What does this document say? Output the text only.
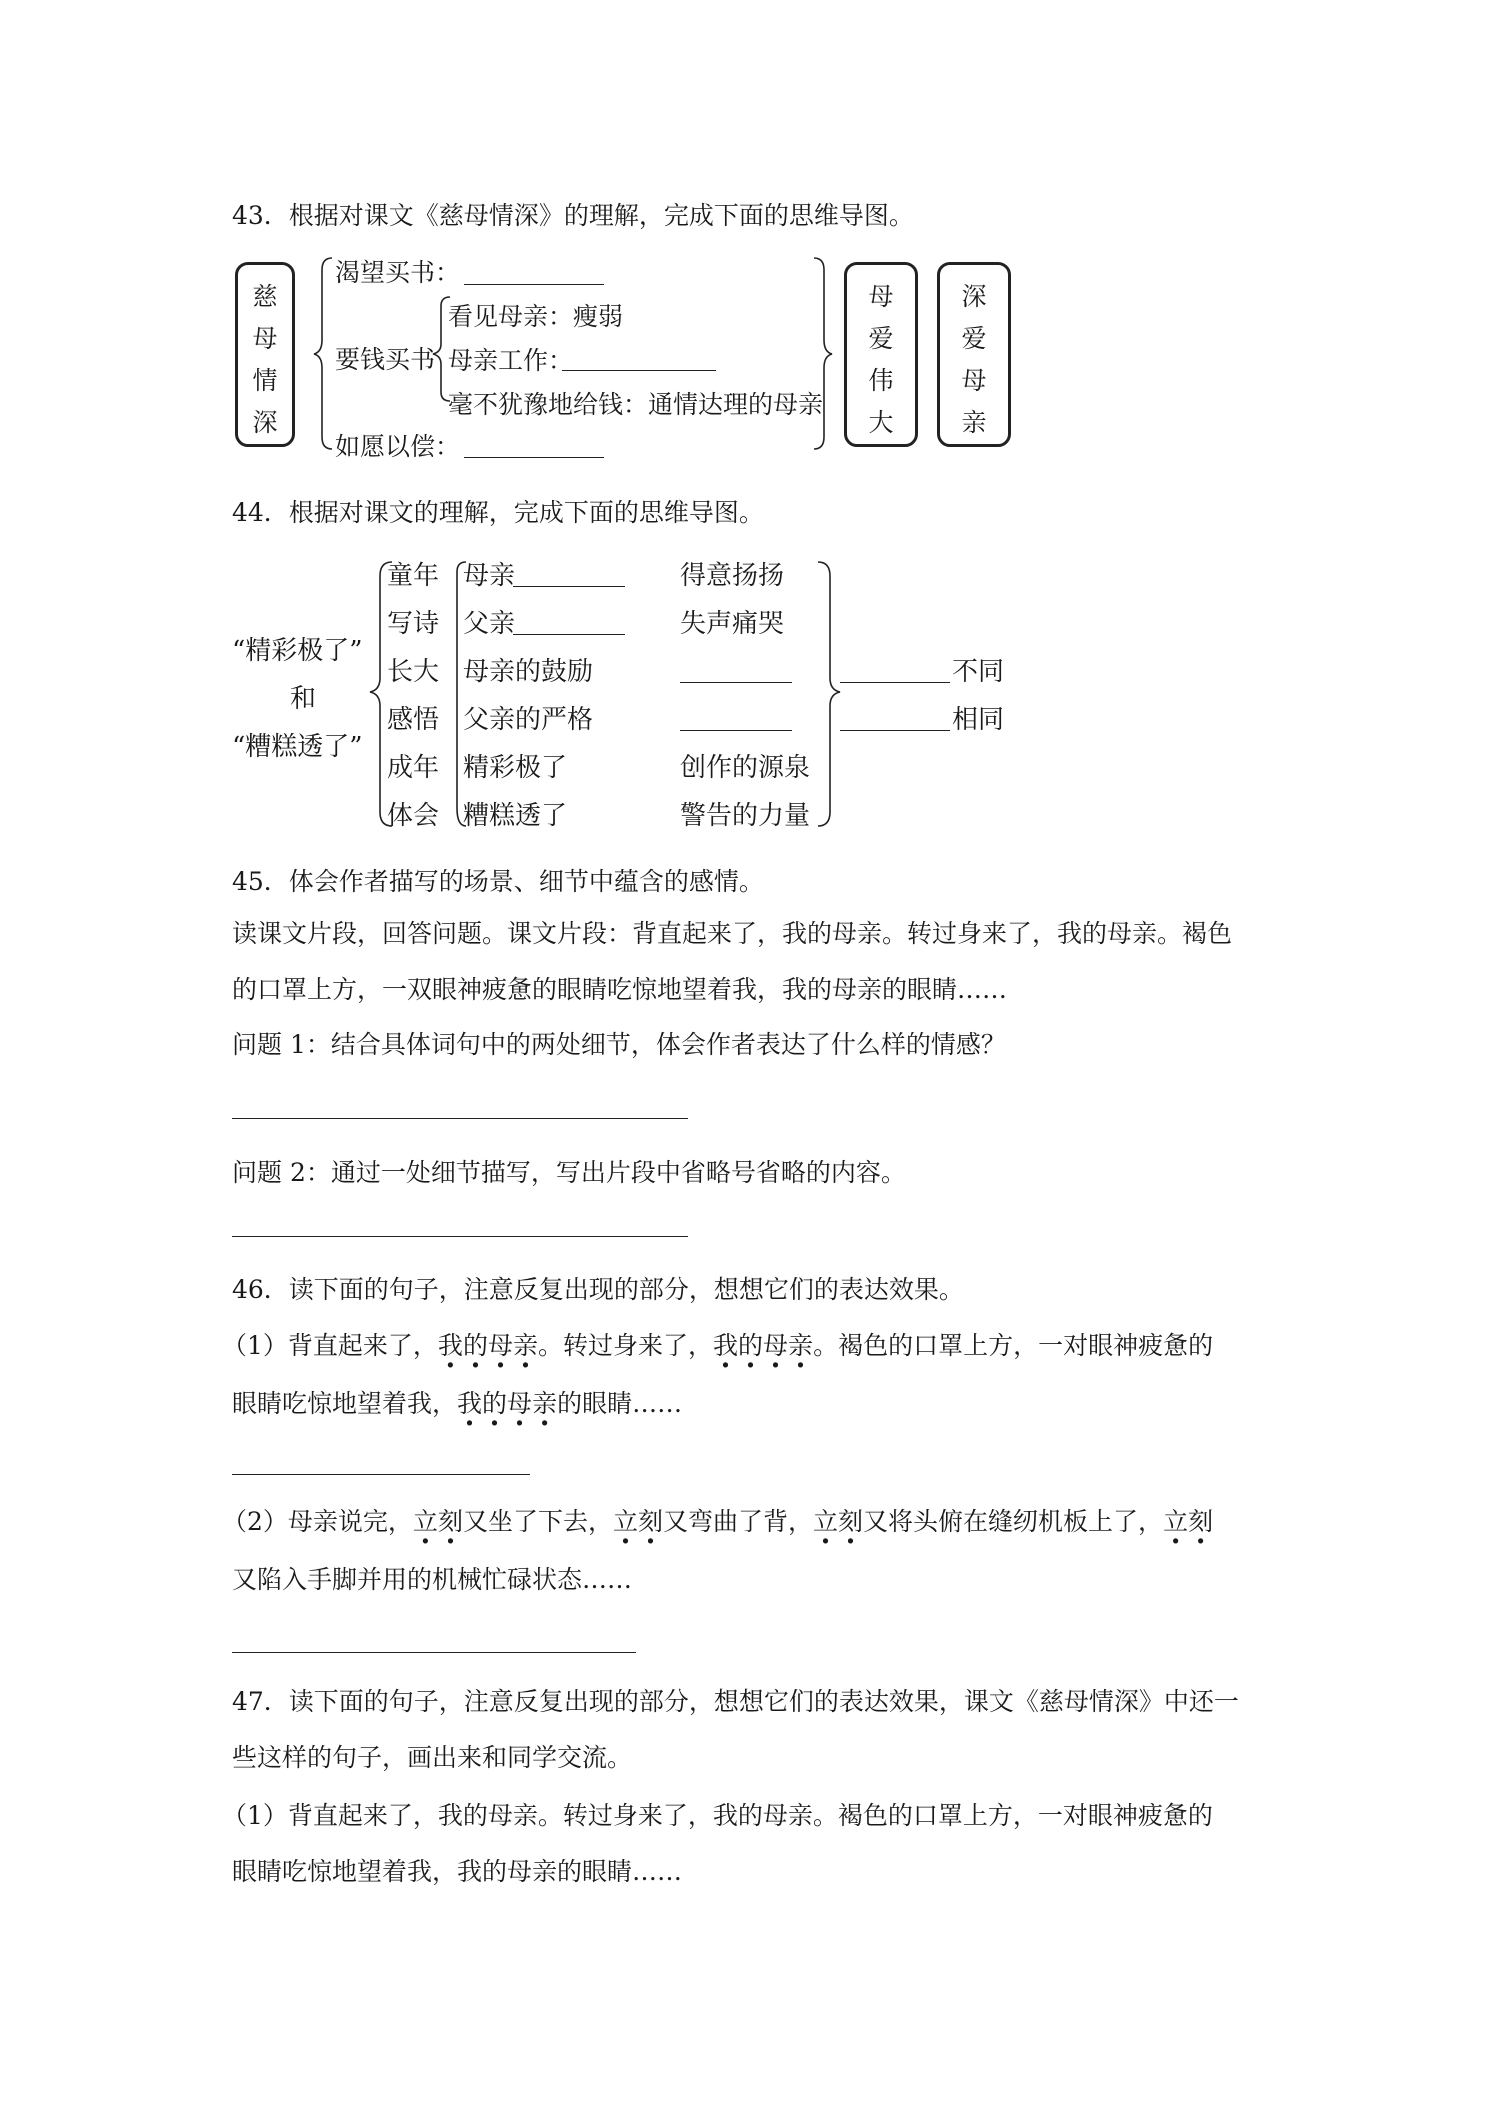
43．根据对课文《慈母情深》的理解，完成下面的思维导图。
慈
母
情
深
渴望买书：
要钱买书
看见母亲：瘦弱
母亲工作：
毫不犹豫地给钱：通情达理的母亲
如愿以偿：
母
爱
伟
大
深
爱
母
亲
44．根据对课文的理解，完成下面的思维导图。
“精彩极了”
和
“糟糕透了”
童年
写诗
长大
感悟
成年
体会
母亲
父亲
母亲的鼓励
父亲的严格
精彩极了
糟糕透了
得意扬扬
失声痛哭
创作的源泉
警告的力量
不同
相同
45．体会作者描写的场景、细节中蕴含的感情。
读课文片段，回答问题。课文片段：背直起来了，我的母亲。转过身来了，我的母亲。褐色
的口罩上方，一双眼神疲惫的眼睛吃惊地望着我，我的母亲的眼睛……
问题 1：结合具体词句中的两处细节，体会作者表达了什么样的情感？
问题 2：通过一处细节描写，写出片段中省略号省略的内容。
46．读下面的句子，注意反复出现的部分，想想它们的表达效果。
（1）背直起来了，我的母亲。转过身来了，我的母亲。褐色的口罩上方，一对眼神疲惫的
眼睛吃惊地望着我，我的母亲的眼睛……
（2）母亲说完，立刻又坐了下去，立刻又弯曲了背，立刻又将头俯在缝纫机板上了，立刻
又陷入手脚并用的机械忙碌状态……
47．读下面的句子，注意反复出现的部分，想想它们的表达效果，课文《慈母情深》中还一
些这样的句子，画出来和同学交流。
（1）背直起来了，我的母亲。转过身来了，我的母亲。褐色的口罩上方，一对眼神疲惫的
眼睛吃惊地望着我，我的母亲的眼睛……
